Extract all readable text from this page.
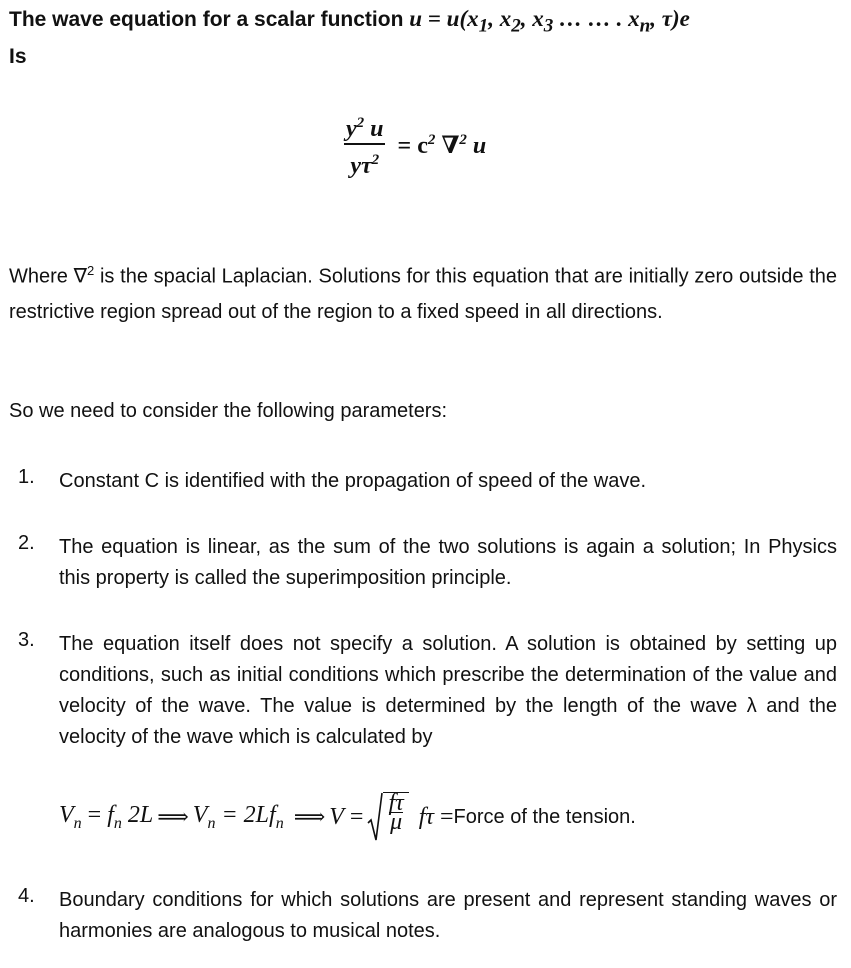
The wave equation for a scalar function $u = u(x_1$, $x_2$, $x_3$ … … . $x_n$, τ)e
Is
$\frac{y^2 u}{y\tau^2} = c^2$ ∇$^2$ u
Where ∇$^2$ is the spacial Laplacian. Solutions for this equation that are initially zero outside the restrictive region spread out of the region to a fixed speed in all directions.
So we need to consider the following parameters:
1. Constant C is identified with the propagation of speed of the wave.
2. The equation is linear, as the sum of the two solutions is again a solution; In Physics this property is called the superimposition principle.
3. The equation itself does not specify a solution. A solution is obtained by setting up conditions, such as initial conditions which prescribe the determination of the value and velocity of the wave. The value is determined by the length of the wave λ and the velocity of the wave which is calculated by
$V_n = f_n$ 2L ⟹ $V_n = 2Lf_n$ ⟹ $V = \frac{f\tau}{\mu}$ fτ = Force of the tension.
4. Boundary conditions for which solutions are present and represent standing waves or harmonies are analogous to musical notes.
